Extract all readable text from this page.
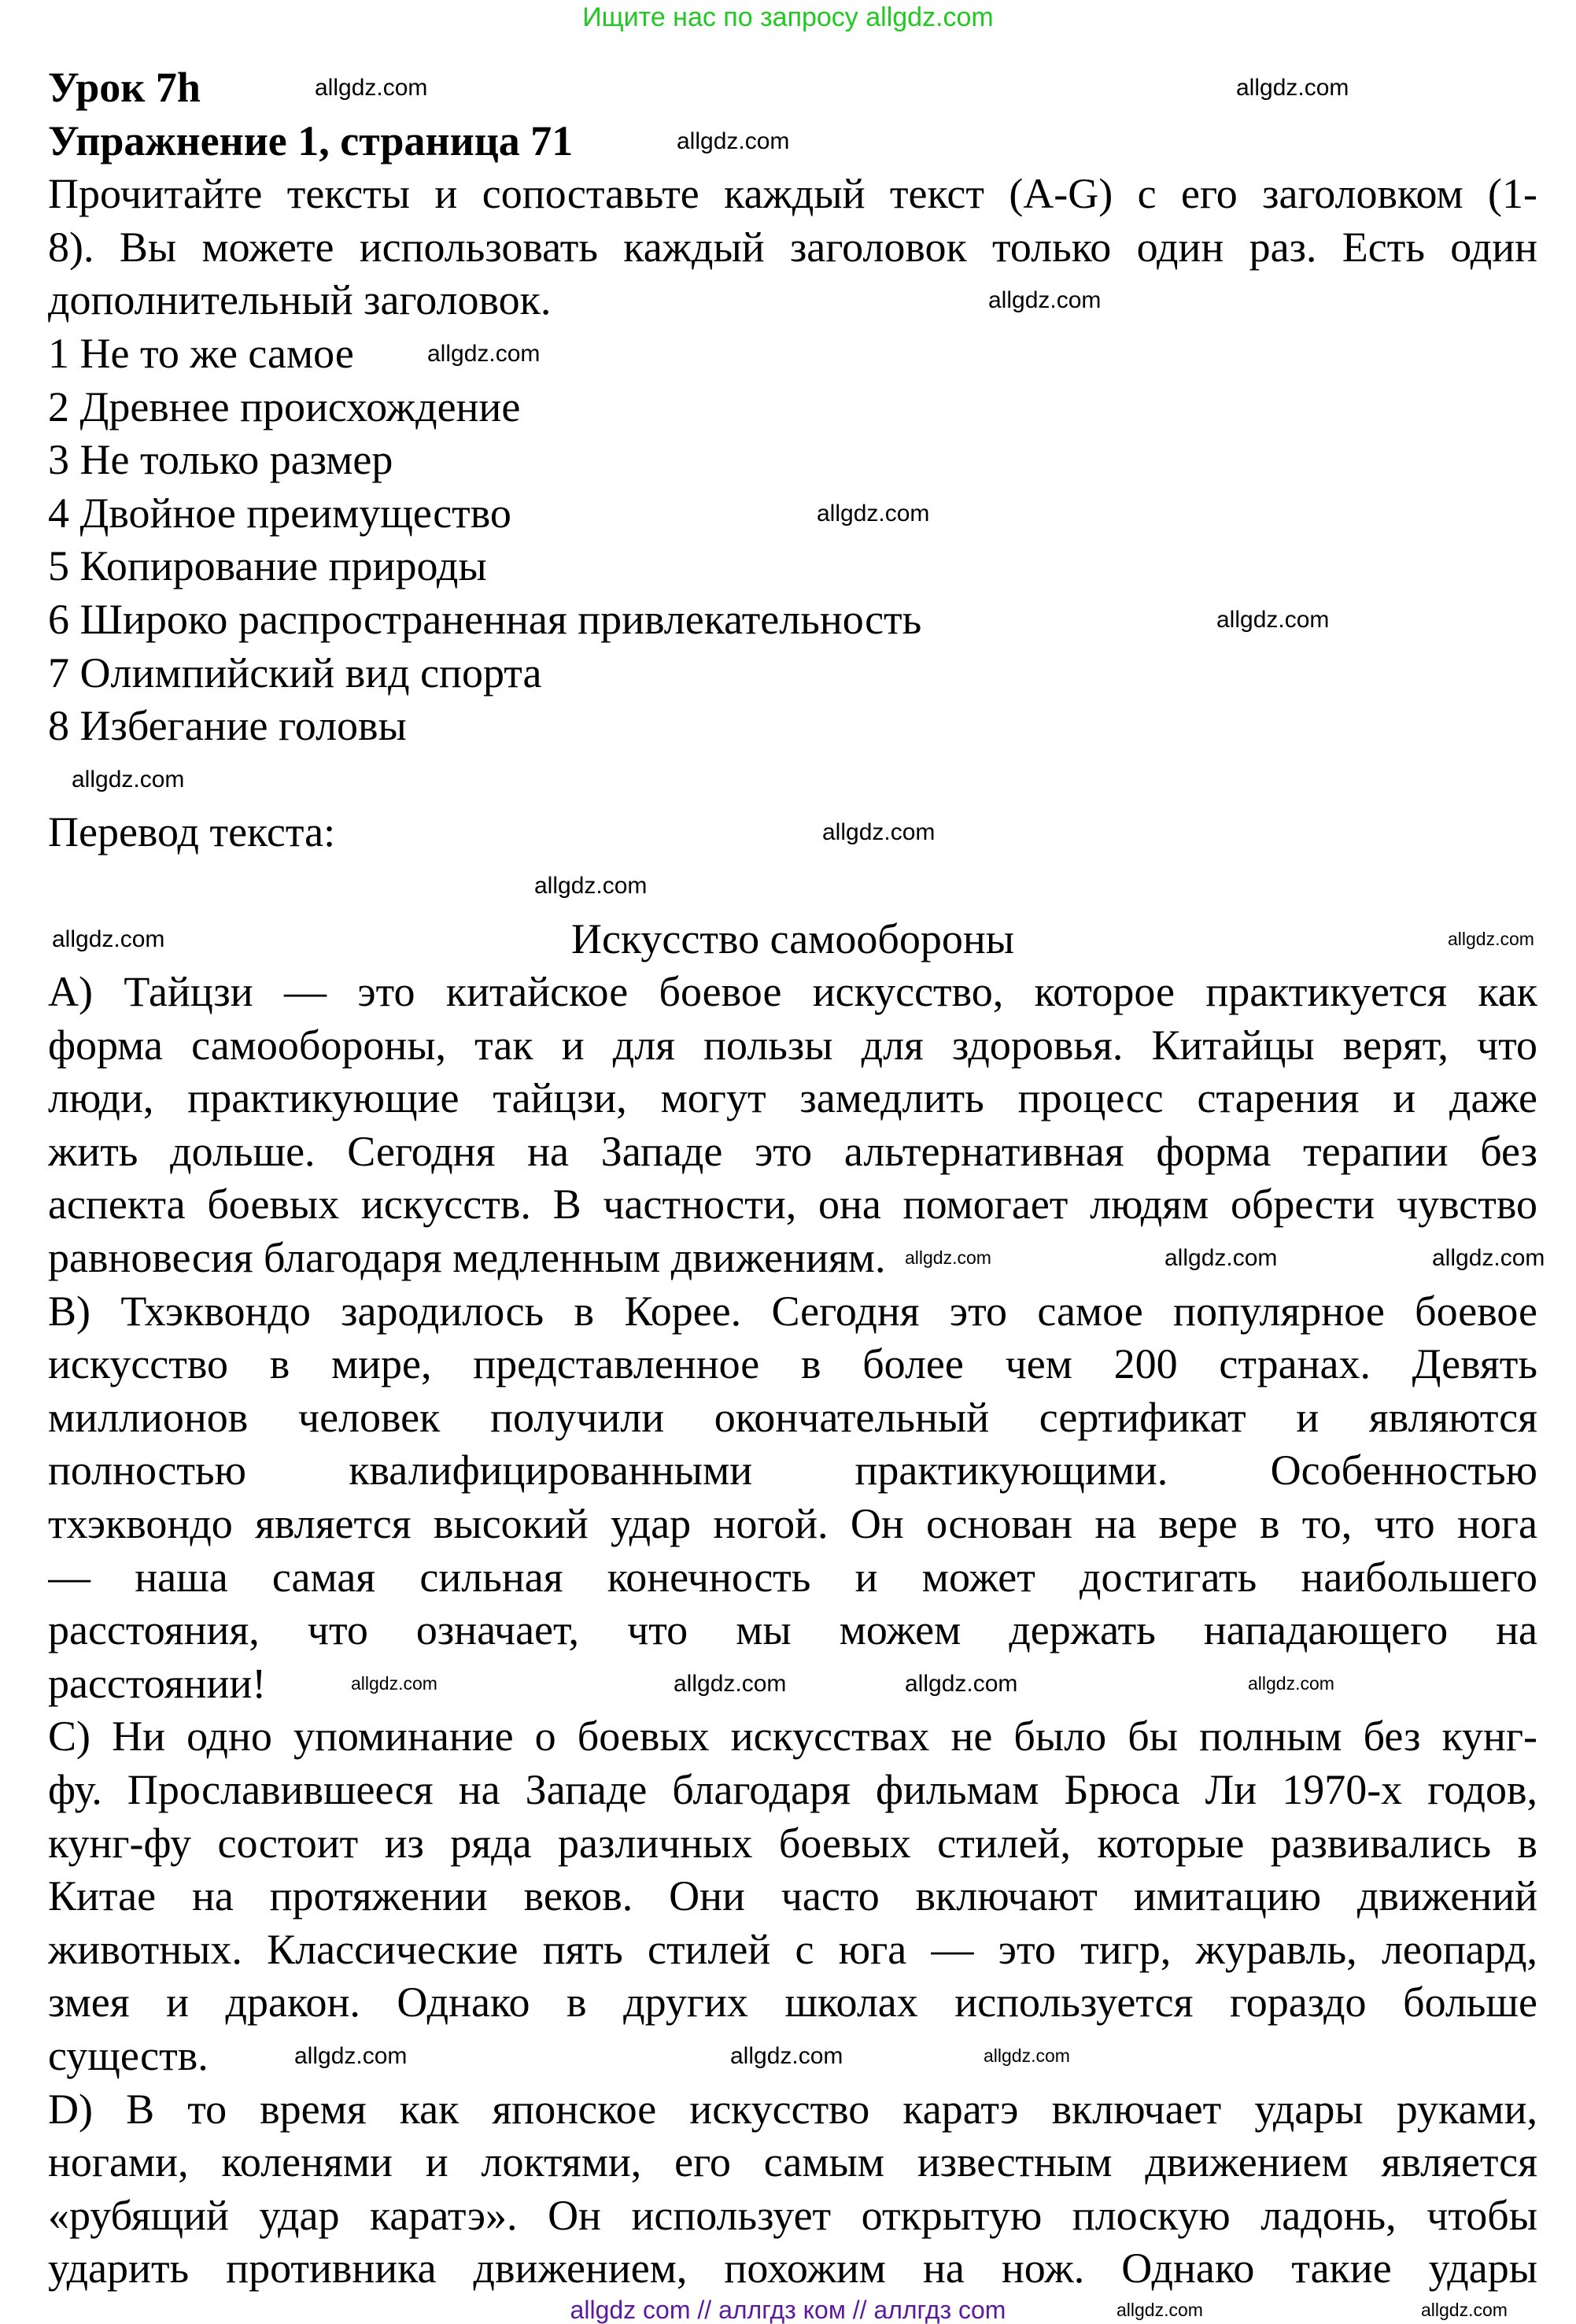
Ищите нас по запросу allgdz.com
Урок 7h
Упражнение 1, страница 71
Прочитайте тексты и сопоставьте каждый текст (A-G) с его заголовком (1-
8). Вы можете использовать каждый заголовок только один раз. Есть один
дополнительный заголовок.
1 Не то же самое
2 Древнее происхождение
3 Не только размер
4 Двойное преимущество
5 Копирование природы
6 Широко распространенная привлекательность
7 Олимпийский вид спорта
8 Избегание головы
Перевод текста:
Искусство самообороны
А) Тайцзи — это китайское боевое искусство, которое практикуется как
форма самообороны, так и для пользы для здоровья. Китайцы верят, что
люди, практикующие тайцзи, могут замедлить процесс старения и даже
жить дольше. Сегодня на Западе это альтернативная форма терапии без
аспекта боевых искусств. В частности, она помогает людям обрести чувство
равновесия благодаря медленным движениям.
В) Тхэквондо зародилось в Корее. Сегодня это самое популярное боевое
искусство в мире, представленное в более чем 200 странах. Девять
миллионов человек получили окончательный сертификат и являются
полностью квалифицированными практикующими. Особенностью
тхэквондо является высокий удар ногой. Он основан на вере в то, что нога
— наша самая сильная конечность и может достигать наибольшего
расстояния, что означает, что мы можем держать нападающего на
расстоянии!
С) Ни одно упоминание о боевых искусствах не было бы полным без кунг-
фу. Прославившееся на Западе благодаря фильмам Брюса Ли 1970-х годов,
кунг-фу состоит из ряда различных боевых стилей, которые развивались в
Китае на протяжении веков. Они часто включают имитацию движений
животных. Классические пять стилей с юга — это тигр, журавль, леопард,
змея и дракон. Однако в других школах используется гораздо больше
существ.
D) В то время как японское искусство каратэ включает удары руками,
ногами, коленями и локтями, его самым известным движением является
«рубящий удар каратэ». Он использует открытую плоскую ладонь, чтобы
ударить противника движением, похожим на нож. Однако такие удары
allgdz.com	allgdz.com
allgdz.com
allgdz.com
allgdz.com
allgdz.com
allgdz.com
allgdz.com
allgdz.com
allgdz.com
allgdz.com
allgdz.com
allgdz.com	allgdz.com	allgdz.com
allgdz.com	allgdz.com	allgdz.com	allgdz.com
allgdz.com	allgdz.com	allgdz.com
allgdz.com	allgdz.com
allgdz com // аллгдз ком // аллгдз com
